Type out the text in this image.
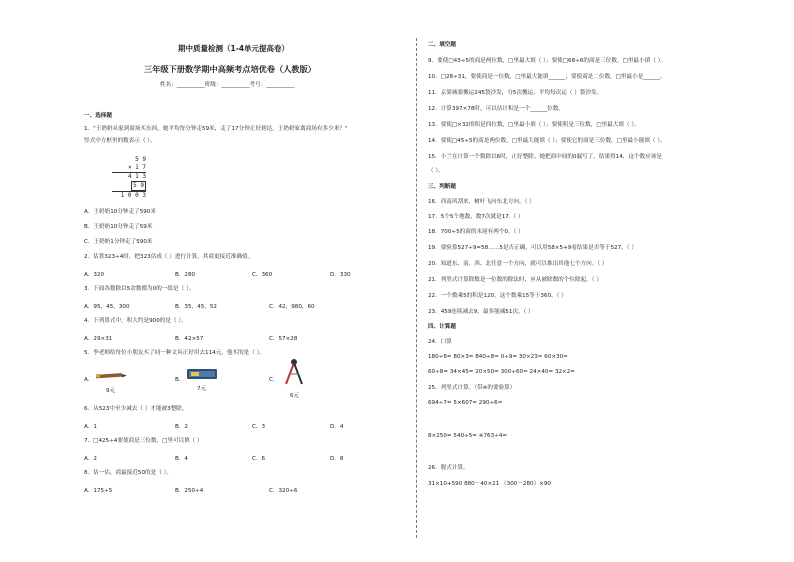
期中质量检测（1-4单元提高卷）
三年级下册数学期中高频考点培优卷（人教版）
姓名：__________班级：__________考号：__________
一、选择题
1．"王奶奶从家到商场买东西，她平均每分钟走59米，走了17分钟正好到达，王奶奶家离商场有多少米？"
竖式中方框里的数表示（ ）。
5 9
× 1 7
4 1 3
5 9
1 0 0 3
A．王奶奶10分钟走了590米
B．王奶奶10分钟走了59米
C．王奶奶1分钟走了590米
2．估算323÷4时，把323估成（ ）进行计算，其商更接近准确值。
A．320	B．280	C．360	D．330
3．下面各数除以5余数都为0的一组是（ ）。
A．95，45，300	B．35，45，52	C．42，980，60
4．下列算式中，积大约是900的是（ ）。
A．29×31	B．42×57	C．57×28
5．李老师给每位小朋友买了同一种文具正好用去114元，他买的是（ ）。
A．
9元
B．
7元
C．
6元
6．从523中至少减去（ ）才能被3整除。
A．1	B．2	C．3	D．4
7．□425÷4要使商是三位数，□里可以填（ ）
A．2	B．4	C．6	D．8
8．估一估，商最接近50的是（ ）。
A．175÷5	B．250÷4	C．320÷6
二、填空题
9．要使□43÷5的商是两位数，□里最大填（ ）；要使□68÷6的商是三位数，□里最小填（ ）。
10．□28÷31，要使商是一位数，□里最大能填______；要使商是二位数，□里最小是______。
11．京果城要搬运245袋沙发，分5次搬运，平均每次运（ ）袋沙发。
12．计算397×78时，可以估计积是一个______位数。
13．要使□×32的积是四位数，□里最小填（ ）；要使积是三位数，□里最大填（ ）。
14．要使□45÷5的商是两位数，□里最大能填（ ）；要使它的商是三位数，□里最小能填（ ）。
15．小兰在计算一个数除以6时，正好整除。她把商中间的0漏写了，结果得14，这个数应该是
（ ）。
三、判断题
16．西南风刮来，树叶飞向东北方向。（ ）
17．5个5个地数，数7次就是17.（ ）
18．700÷5的商的末尾有两个0。（ ）
19．要验算527÷9=58……5是否正确，可以用58×5+9看结果是否等于527。（ ）
20．知道东、南、西、北任意一个方向，就可以推出其他七个方向。（ ）
21．列竖式计算除数是一位数的除法时，应从被除数的个位除起。（ ）
22．一个数乘5的积是120，这个数乘15等于360。（ ）
23．459连续减去9，最多能减51次。（ ）
四、计算题
24．口算
180÷6= 80×3= 840÷8= 0÷9= 30×23= 60×30=
60÷8= 34×45= 20×50= 300÷60= 24×40= 32×2=
25．列竖式计算。（带※的要验算）
694÷7= 5×607= 290÷6=
8×250= 540÷5= ※763÷4=
26．脱式计算。
31×10+590 880－40×21 （300－280）×90
